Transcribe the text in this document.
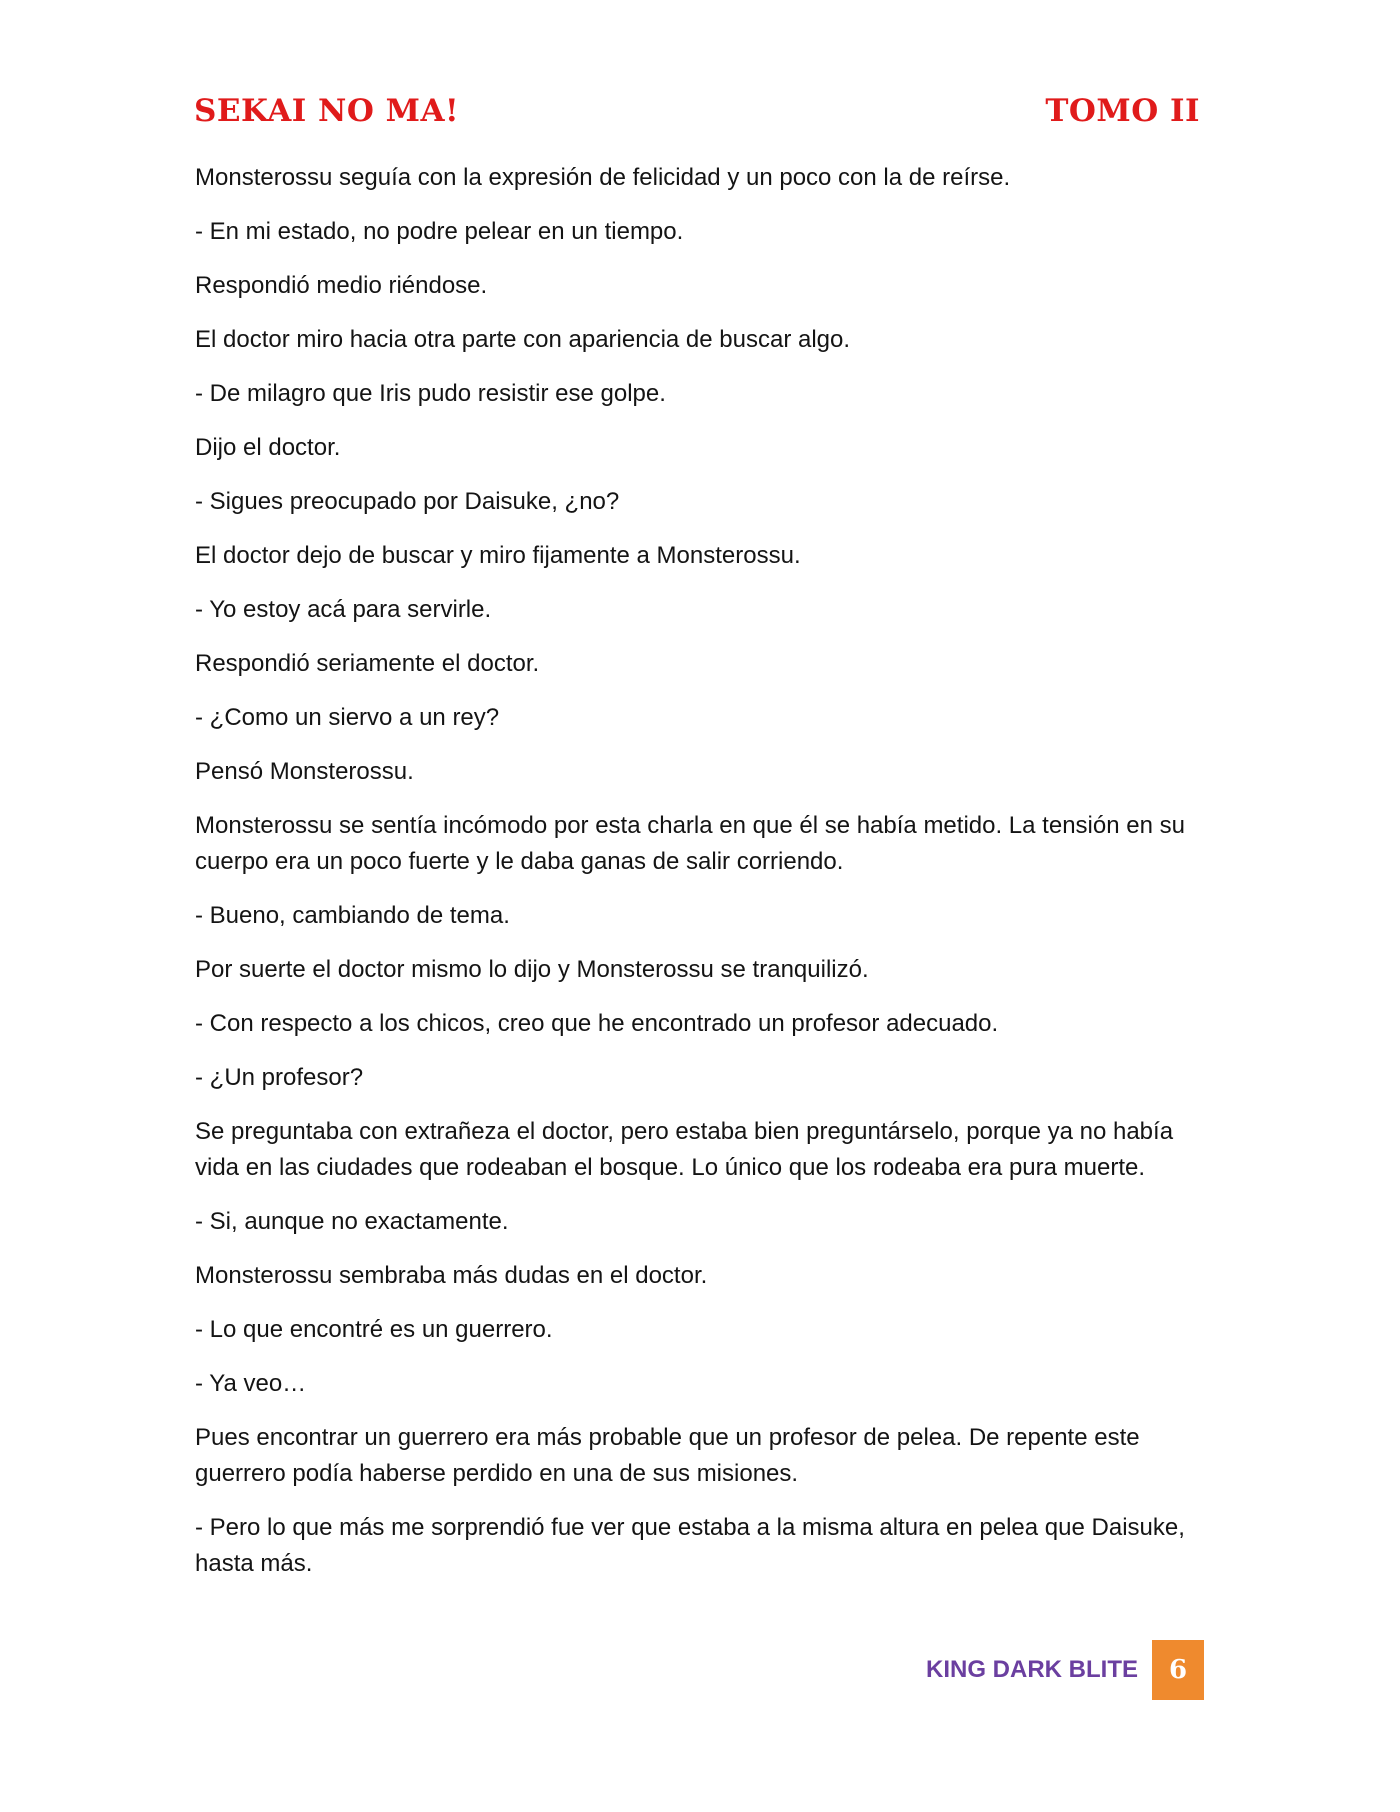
SEKAI NO MA!	TOMO II

Monsterossu seguía con la expresión de felicidad y un poco con la de reírse.

- En mi estado, no podre pelear en un tiempo.

Respondió medio riéndose.

El doctor miro hacia otra parte con apariencia de buscar algo.

- De milagro que Iris pudo resistir ese golpe.

Dijo el doctor.

- Sigues preocupado por Daisuke, ¿no?

El doctor dejo de buscar y miro fijamente a Monsterossu.

- Yo estoy acá para servirle.

Respondió seriamente el doctor.

- ¿Como un siervo a un rey?

Pensó Monsterossu.

Monsterossu se sentía incómodo por esta charla en que él se había metido. La tensión en su cuerpo era un poco fuerte y le daba ganas de salir corriendo.

- Bueno, cambiando de tema.

Por suerte el doctor mismo lo dijo y Monsterossu se tranquilizó.

- Con respecto a los chicos, creo que he encontrado un profesor adecuado.

- ¿Un profesor?

Se preguntaba con extrañeza el doctor, pero estaba bien preguntárselo, porque ya no había vida en las ciudades que rodeaban el bosque. Lo único que los rodeaba era pura muerte.

- Si, aunque no exactamente.

Monsterossu sembraba más dudas en el doctor.

- Lo que encontré es un guerrero.

- Ya veo…

Pues encontrar un guerrero era más probable que un profesor de pelea. De repente este guerrero podía haberse perdido en una de sus misiones.

- Pero lo que más me sorprendió fue ver que estaba a la misma altura en pelea que Daisuke, hasta más.

KING DARK BLITE	6
